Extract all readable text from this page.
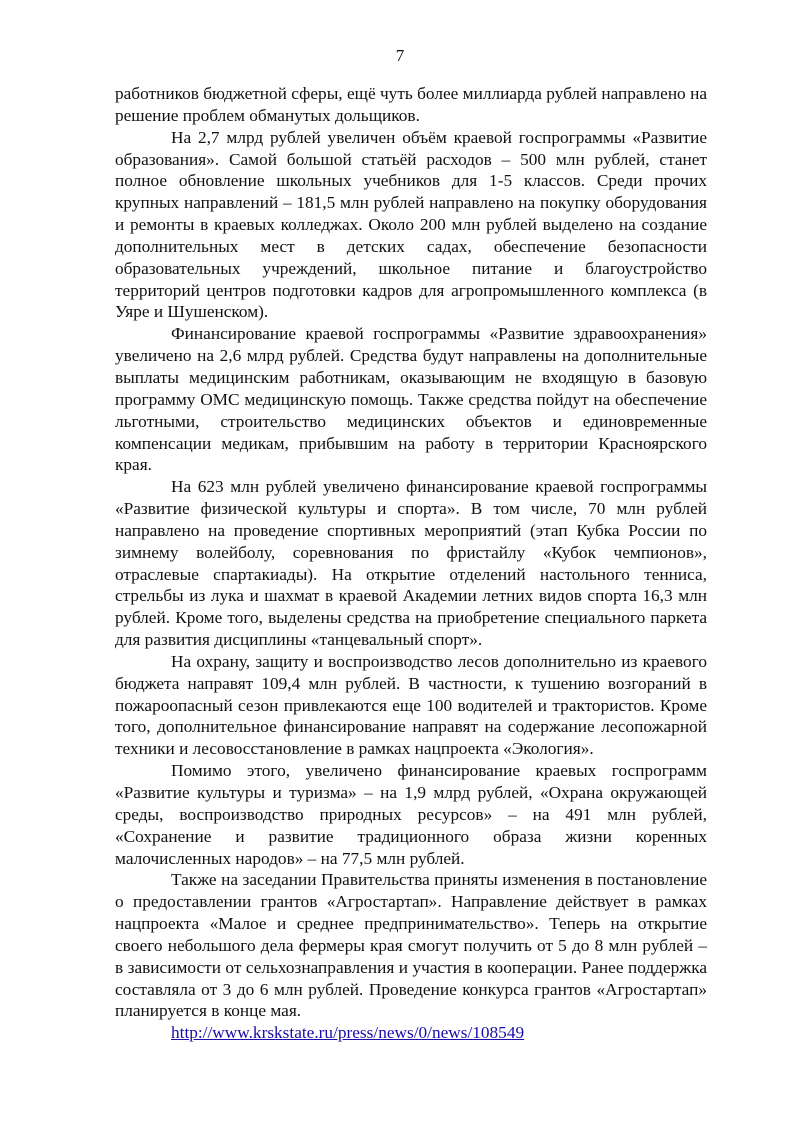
7

работников бюджетной сферы, ещё чуть более миллиарда рублей направлено на решение проблем обманутых дольщиков.

На 2,7 млрд рублей увеличен объём краевой госпрограммы «Развитие образования». Самой большой статьёй расходов – 500 млн рублей, станет полное обновление школьных учебников для 1-5 классов. Среди прочих крупных направлений – 181,5 млн рублей направлено на покупку оборудования и ремонты в краевых колледжах. Около 200 млн рублей выделено на создание дополнительных мест в детских садах, обеспечение безопасности образовательных учреждений, школьное питание и благоустройство территорий центров подготовки кадров для агропромышленного комплекса (в Уяре и Шушенском).

Финансирование краевой госпрограммы «Развитие здравоохранения» увеличено на 2,6 млрд рублей. Средства будут направлены на дополнительные выплаты медицинским работникам, оказывающим не входящую в базовую программу ОМС медицинскую помощь. Также средства пойдут на обеспечение льготными, строительство медицинских объектов и единовременные компенсации медикам, прибывшим на работу в территории Красноярского края.

На 623 млн рублей увеличено финансирование краевой госпрограммы «Развитие физической культуры и спорта». В том числе, 70 млн рублей направлено на проведение спортивных мероприятий (этап Кубка России по зимнему волейболу, соревнования по фристайлу «Кубок чемпионов», отраслевые спартакиады). На открытие отделений настольного тенниса, стрельбы из лука и шахмат в краевой Академии летних видов спорта 16,3 млн рублей. Кроме того, выделены средства на приобретение специального паркета для развития дисциплины «танцевальный спорт».

На охрану, защиту и воспроизводство лесов дополнительно из краевого бюджета направят 109,4 млн рублей. В частности, к тушению возгораний в пожароопасный сезон привлекаются еще 100 водителей и трактористов. Кроме того, дополнительное финансирование направят на содержание лесопожарной техники и лесовосстановление в рамках нацпроекта «Экология».

Помимо этого, увеличено финансирование краевых госпрограмм «Развитие культуры и туризма» – на 1,9 млрд рублей, «Охрана окружающей среды, воспроизводство природных ресурсов» – на 491 млн рублей, «Сохранение и развитие традиционного образа жизни коренных малочисленных народов» – на 77,5 млн рублей.

Также на заседании Правительства приняты изменения в постановление о предоставлении грантов «Агростартап». Направление действует в рамках нацпроекта «Малое и среднее предпринимательство». Теперь на открытие своего небольшого дела фермеры края смогут получить от 5 до 8 млн рублей – в зависимости от сельхознаправления и участия в кооперации. Ранее поддержка составляла от 3 до 6 млн рублей. Проведение конкурса грантов «Агростартап» планируется в конце мая.

http://www.krskstate.ru/press/news/0/news/108549
